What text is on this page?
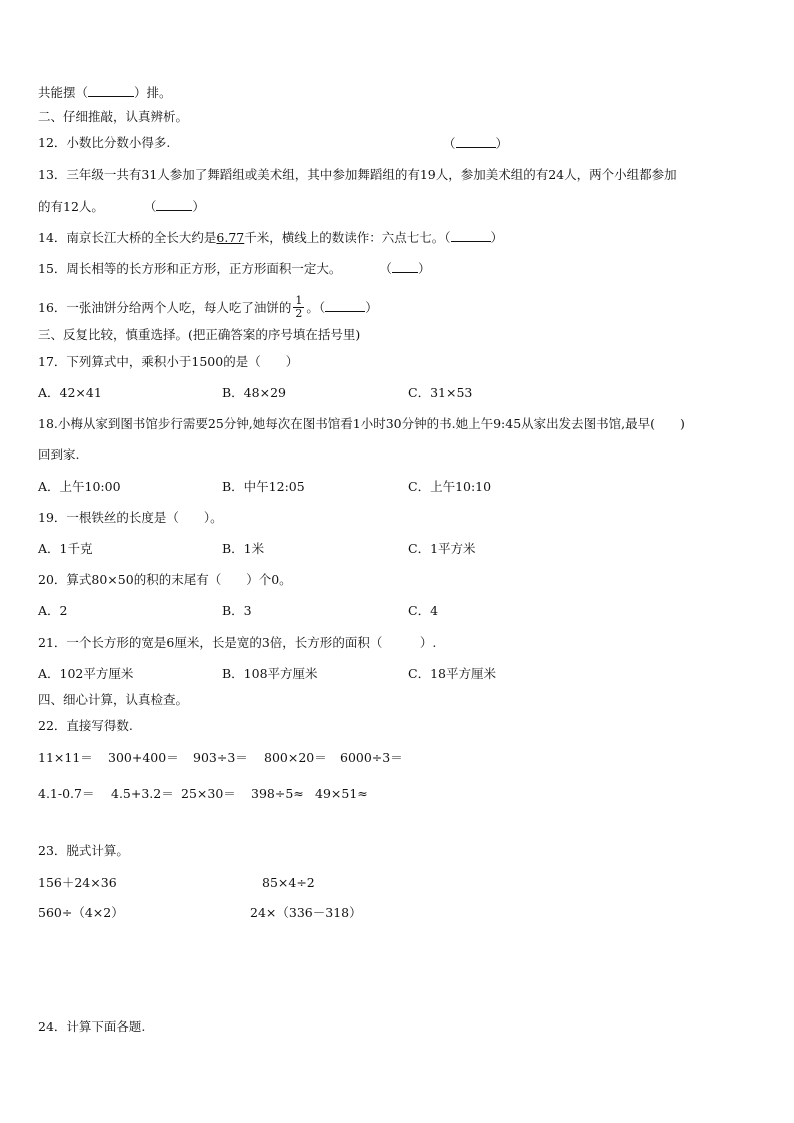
共能摆（	）排。
二、仔细推敲，认真辨析。
12．小数比分数小得多.	（	）
13．三年级一共有31人参加了舞蹈组或美术组，其中参加舞蹈组的有19人，参加美术组的有24人，两个小组都参加
的有12人。	（	）
14．南京长江大桥的全长大约是6.77千米，横线上的数读作：六点七七。（	）
15．周长相等的长方形和正方形，正方形面积一定大。	（ ）
16．一张油饼分给两个人吃，每人吃了油饼的 $\frac{1}{2}$ 。（	）
三、反复比较，慎重选择。(把正确答案的序号填在括号里)
17．下列算式中，乘积小于1500的是（　　）
A．42×41	B．48×29	C．31×53
18.小梅从家到图书馆步行需要25分钟,她每次在图书馆看1小时30分钟的书.她上午9:45从家出发去图书馆,最早(　　)
回到家.
A．上午10:00	B．中午12:05	C．上午10:10
19．一根铁丝的长度是（　　）。
A．1千克	B．1米	C．1平方米
20．算式80×50的积的末尾有（　　）个0。
A．2	B．3	C．4
21．一个长方形的宽是6厘米，长是宽的3倍，长方形的面积（　　　）.
A．102平方厘米	B．108平方厘米	C．18平方厘米
四、细心计算，认真检查。
22．直接写得数.
11×11＝ 300+400＝ 903÷3＝ 800×20＝ 6000÷3＝
4.1-0.7＝ 4.5+3.2＝ 25×30＝ 398÷5≈ 49×51≈
23．脱式计算。
156＋24×36	85×4÷2
560÷（4×2）	24×（336－318）
24．计算下面各题.
